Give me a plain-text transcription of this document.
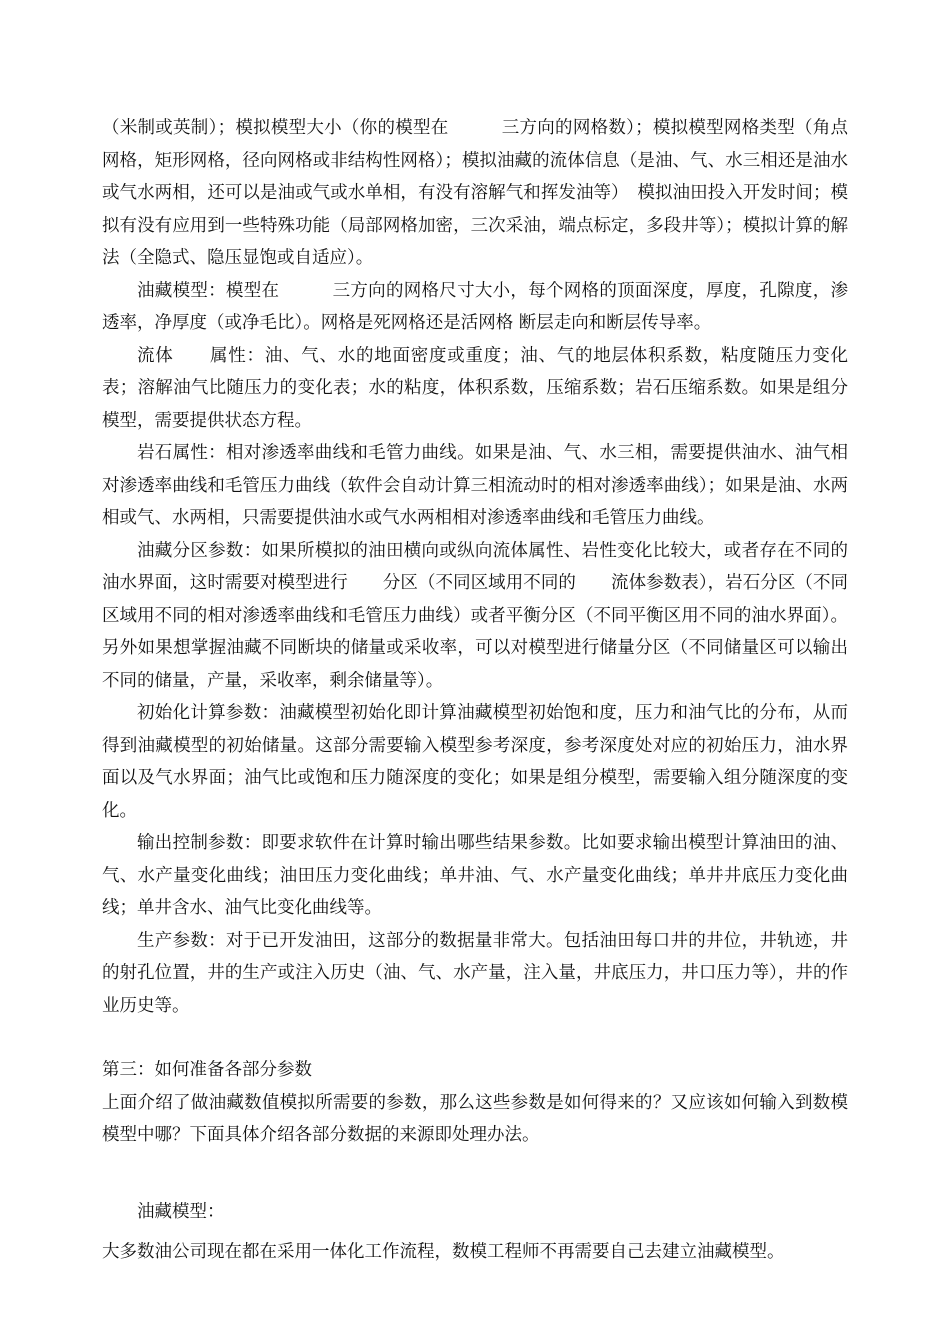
（米制或英制）；模拟模型大小（你的模型在　　　三方向的网格数）；模拟模型网格类型（角点网格，矩形网格，径向网格或非结构性网格）；模拟油藏的流体信息（是油、气、水三相还是油水或气水两相，还可以是油或气或水单相，有没有溶解气和挥发油等）　模拟油田投入开发时间；模拟有没有应用到一些特殊功能（局部网格加密，三次采油，端点标定，多段井等）；模拟计算的解法（全隐式、隐压显饱或自适应）。

油藏模型：模型在　　　三方向的网格尺寸大小，每个网格的顶面深度，厚度，孔隙度，渗透率，净厚度（或净毛比）。网格是死网格还是活网格 断层走向和断层传导率。

流体　　属性：油、气、水的地面密度或重度；油、气的地层体积系数，粘度随压力变化表；溶解油气比随压力的变化表；水的粘度，体积系数，压缩系数；岩石压缩系数。如果是组分模型，需要提供状态方程。

岩石属性：相对渗透率曲线和毛管力曲线。如果是油、气、水三相，需要提供油水、油气相对渗透率曲线和毛管压力曲线（软件会自动计算三相流动时的相对渗透率曲线）；如果是油、水两相或气、水两相，只需要提供油水或气水两相相对渗透率曲线和毛管压力曲线。

油藏分区参数：如果所模拟的油田横向或纵向流体属性、岩性变化比较大，或者存在不同的油水界面，这时需要对模型进行　　分区（不同区域用不同的　　流体参数表），岩石分区（不同区域用不同的相对渗透率曲线和毛管压力曲线）或者平衡分区（不同平衡区用不同的油水界面）。另外如果想掌握油藏不同断块的储量或采收率，可以对模型进行储量分区（不同储量区可以输出不同的储量，产量，采收率，剩余储量等）。

初始化计算参数：油藏模型初始化即计算油藏模型初始饱和度，压力和油气比的分布，从而得到油藏模型的初始储量。这部分需要输入模型参考深度，参考深度处对应的初始压力，油水界面以及气水界面；油气比或饱和压力随深度的变化；如果是组分模型，需要输入组分随深度的变化。

输出控制参数：即要求软件在计算时输出哪些结果参数。比如要求输出模型计算油田的油、气、水产量变化曲线；油田压力变化曲线；单井油、气、水产量变化曲线；单井井底压力变化曲线；单井含水、油气比变化曲线等。

生产参数：对于已开发油田，这部分的数据量非常大。包括油田每口井的井位，井轨迹，井的射孔位置，井的生产或注入历史（油、气、水产量，注入量，井底压力，井口压力等），井的作业历史等。

第三：如何准备各部分参数

上面介绍了做油藏数值模拟所需要的参数，那么这些参数是如何得来的？又应该如何输入到数模模型中哪？下面具体介绍各部分数据的来源即处理办法。

油藏模型：

大多数油公司现在都在采用一体化工作流程，数模工程师不再需要自己去建立油藏模型。
